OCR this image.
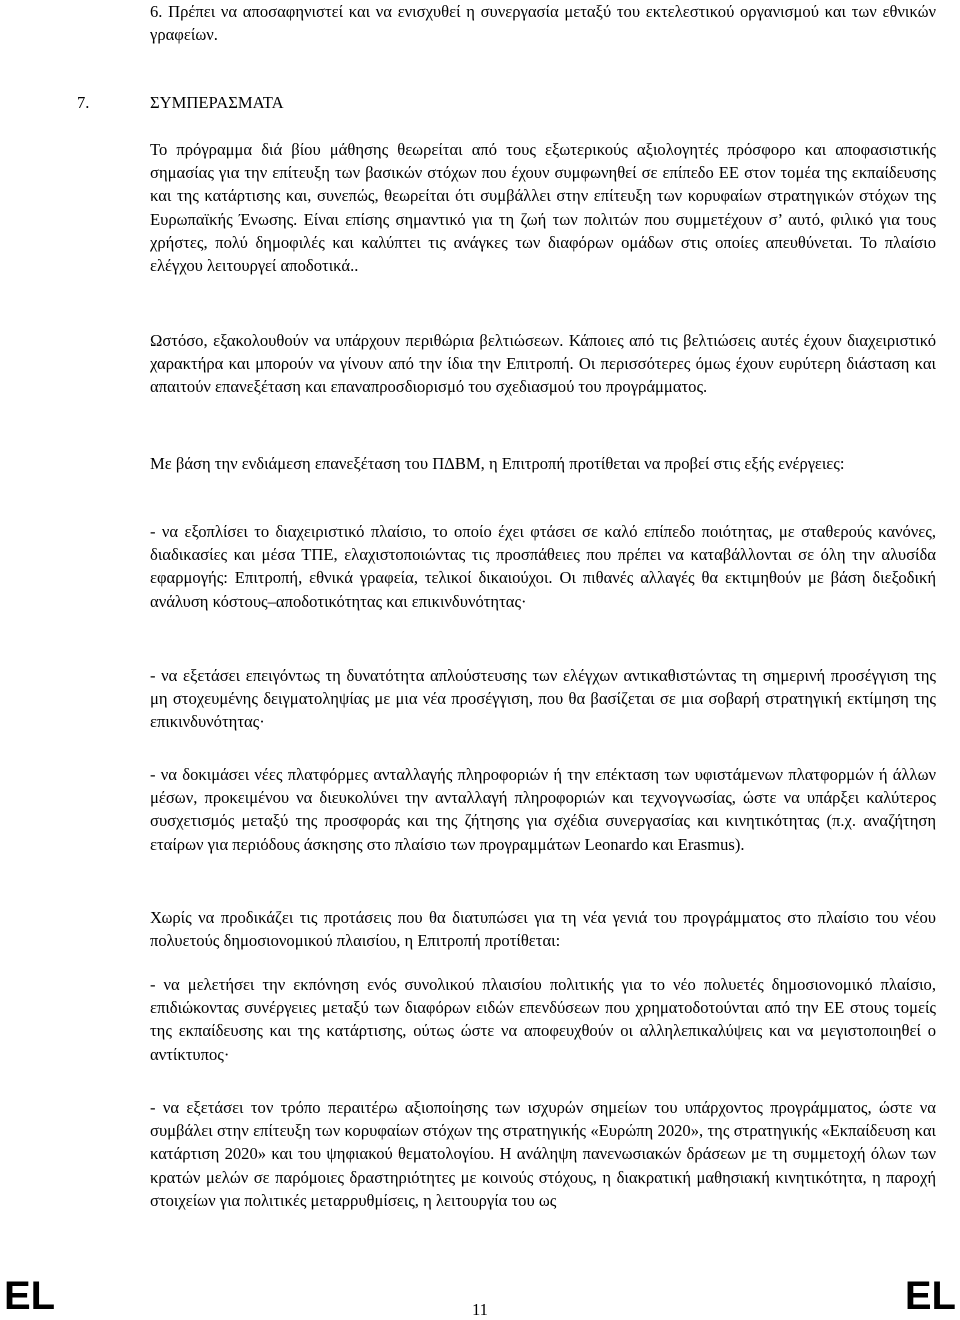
6. Πρέπει να αποσαφηνιστεί και να ενισχυθεί η συνεργασία μεταξύ του εκτελεστικού οργανισμού και των εθνικών γραφείων.

7.	ΣΥΜΠΕΡΑΣΜΑΤΑ

Το πρόγραμμα διά βίου μάθησης θεωρείται από τους εξωτερικούς αξιολογητές πρόσφορο και αποφασιστικής σημασίας για την επίτευξη των βασικών στόχων που έχουν συμφωνηθεί σε επίπεδο ΕΕ στον τομέα της εκπαίδευσης και της κατάρτισης και, συνεπώς, θεωρείται ότι συμβάλλει στην επίτευξη των κορυφαίων στρατηγικών στόχων της Ευρωπαϊκής Ένωσης. Είναι επίσης σημαντικό για τη ζωή των πολιτών που συμμετέχουν σ’ αυτό, φιλικό για τους χρήστες, πολύ δημοφιλές και καλύπτει τις ανάγκες των διαφόρων ομάδων στις οποίες απευθύνεται. Το πλαίσιο ελέγχου λειτουργεί αποδοτικά..

Ωστόσο, εξακολουθούν να υπάρχουν περιθώρια βελτιώσεων. Κάποιες από τις βελτιώσεις αυτές έχουν διαχειριστικό χαρακτήρα και μπορούν να γίνουν από την ίδια την Επιτροπή. Οι περισσότερες όμως έχουν ευρύτερη διάσταση και απαιτούν επανεξέταση και επαναπροσδιορισμό του σχεδιασμού του προγράμματος.

Με βάση την ενδιάμεση επανεξέταση του ΠΔΒΜ, η Επιτροπή προτίθεται να προβεί στις εξής ενέργειες:

- να εξοπλίσει το διαχειριστικό πλαίσιο, το οποίο έχει φτάσει σε καλό επίπεδο ποιότητας, με σταθερούς κανόνες, διαδικασίες και μέσα ΤΠΕ, ελαχιστοποιώντας τις προσπάθειες που πρέπει να καταβάλλονται σε όλη την αλυσίδα εφαρμογής: Επιτροπή, εθνικά γραφεία, τελικοί δικαιούχοι. Οι πιθανές αλλαγές θα εκτιμηθούν με βάση διεξοδική ανάλυση κόστους–αποδοτικότητας και επικινδυνότητας·

- να εξετάσει επειγόντως τη δυνατότητα απλούστευσης των ελέγχων αντικαθιστώντας τη σημερινή προσέγγιση της μη στοχευμένης δειγματοληψίας με μια νέα προσέγγιση, που θα βασίζεται σε μια σοβαρή στρατηγική εκτίμηση της επικινδυνότητας·

- να δοκιμάσει νέες πλατφόρμες ανταλλαγής πληροφοριών ή την επέκταση των υφιστάμενων πλατφορμών ή άλλων μέσων, προκειμένου να διευκολύνει την ανταλλαγή πληροφοριών και τεχνογνωσίας, ώστε να υπάρξει καλύτερος συσχετισμός μεταξύ της προσφοράς και της ζήτησης για σχέδια συνεργασίας και κινητικότητας (π.χ. αναζήτηση εταίρων για περιόδους άσκησης στο πλαίσιο των προγραμμάτων Leonardo και Erasmus).

Χωρίς να προδικάζει τις προτάσεις που θα διατυπώσει για τη νέα γενιά του προγράμματος στο πλαίσιο του νέου πολυετούς δημοσιονομικού πλαισίου, η Επιτροπή προτίθεται:

- να μελετήσει την εκπόνηση ενός συνολικού πλαισίου πολιτικής για το νέο πολυετές δημοσιονομικό πλαίσιο, επιδιώκοντας συνέργειες μεταξύ των διαφόρων ειδών επενδύσεων που χρηματοδοτούνται από την ΕΕ στους τομείς της εκπαίδευσης και της κατάρτισης, ούτως ώστε να αποφευχθούν οι αλληλεπικαλύψεις και να μεγιστοποιηθεί ο αντίκτυπος·

- να εξετάσει τον τρόπο περαιτέρω αξιοποίησης των ισχυρών σημείων του υπάρχοντος προγράμματος, ώστε να συμβάλει στην επίτευξη των κορυφαίων στόχων της στρατηγικής «Ευρώπη 2020», της στρατηγικής «Εκπαίδευση και κατάρτιση 2020» και του ψηφιακού θεματολογίου. Η ανάληψη πανενωσιακών δράσεων με τη συμμετοχή όλων των κρατών μελών σε παρόμοιες δραστηριότητες με κοινούς στόχους, η διακρατική μαθησιακή κινητικότητα, η παροχή στοιχείων για πολιτικές μεταρρυθμίσεις, η λειτουργία του ως

EL	11	EL
